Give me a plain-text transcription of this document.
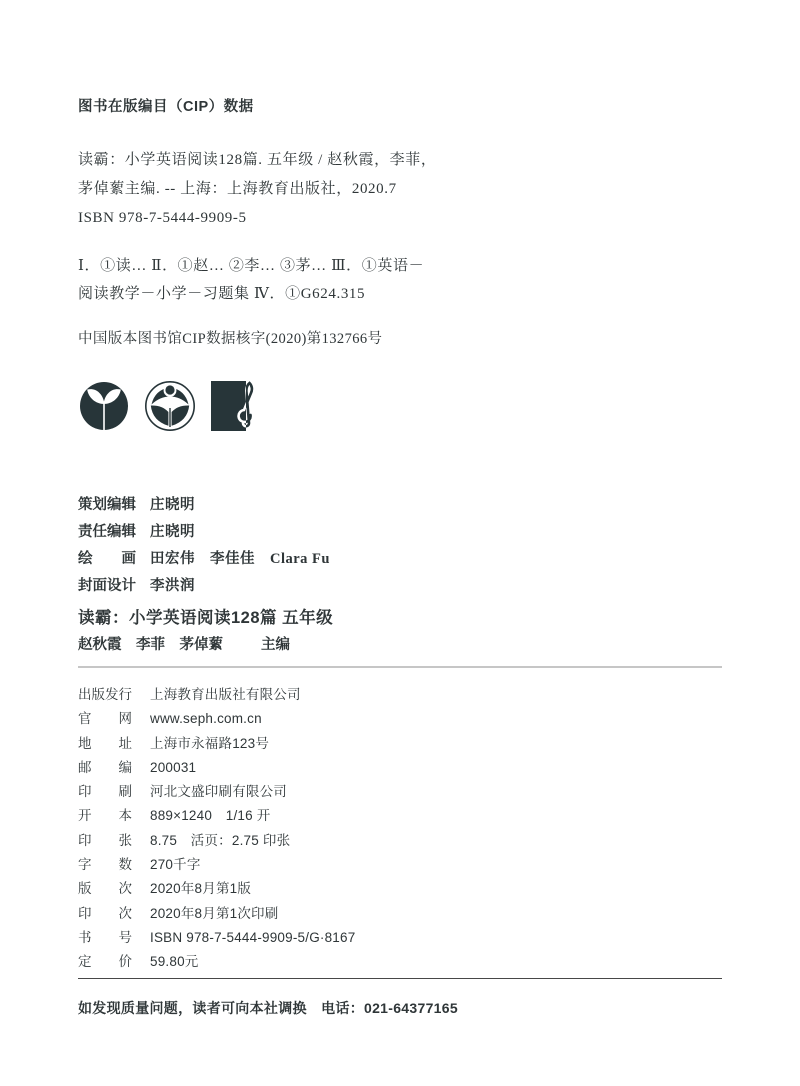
图书在版编目（CIP）数据
读霸：小学英语阅读128篇. 五年级 / 赵秋霞，李菲，
茅倬蕠主编. -- 上海：上海教育出版社，2020.7
ISBN 978-7-5444-9909-5
Ⅰ．①读… Ⅱ．①赵… ②李… ③茅… Ⅲ．①英语－
阅读教学－小学－习题集 Ⅳ．①G624.315
中国版本图书馆CIP数据核字(2020)第132766号
策划编辑 庄晓明
责任编辑 庄晓明
绘画 田宏伟　李佳佳　Clara Fu
封面设计 李洪润
读霸：小学英语阅读128篇 五年级
赵秋霞　李菲　茅倬蕠	主编
出版发行 上海教育出版社有限公司
官网 www.seph.com.cn
地址 上海市永福路123号
邮编 200031
印刷 河北文盛印刷有限公司
开本 889×1240　1/16 开
印张 8.75　活页：2.75 印张
字数 270千字
版次 2020年8月第1版
印次 2020年8月第1次印刷
书号 ISBN 978-7-5444-9909-5/G·8167
定价 59.80元
如发现质量问题，读者可向本社调换　电话：021-64377165
